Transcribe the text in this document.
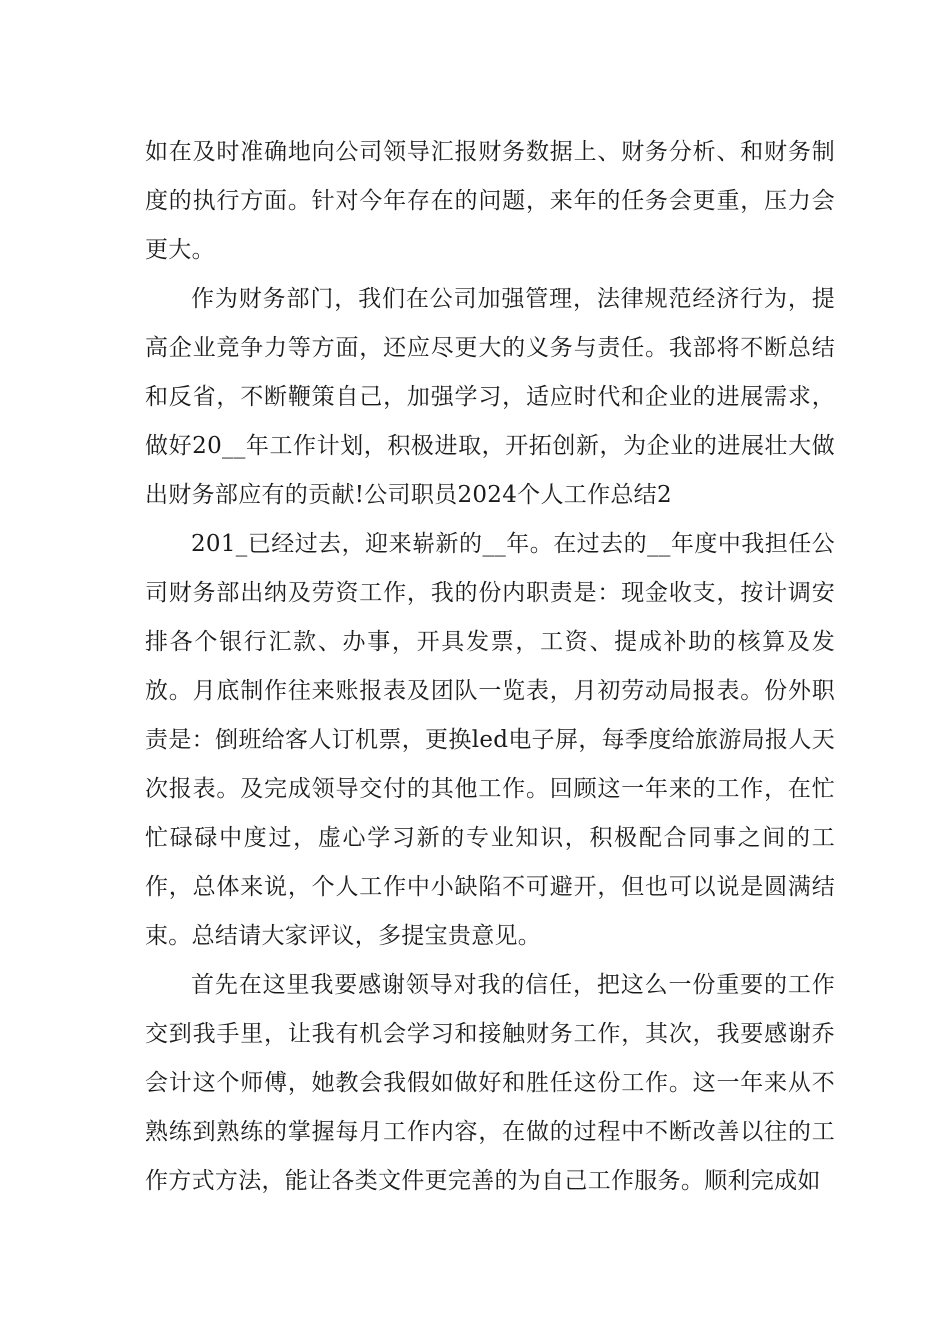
如在及时准确地向公司领导汇报财务数据上、财务分析、和财务制度的执行方面。针对今年存在的问题，来年的任务会更重，压力会更大。

作为财务部门，我们在公司加强管理，法律规范经济行为，提高企业竞争力等方面，还应尽更大的义务与责任。我部将不断总结和反省，不断鞭策自己，加强学习，适应时代和企业的进展需求，做好20__年工作计划，积极进取，开拓创新，为企业的进展壮大做出财务部应有的贡献!公司职员2024个人工作总结2

201_已经过去，迎来崭新的__年。在过去的__年度中我担任公司财务部出纳及劳资工作，我的份内职责是：现金收支，按计调安排各个银行汇款、办事，开具发票，工资、提成补助的核算及发放。月底制作往来账报表及团队一览表，月初劳动局报表。份外职责是：倒班给客人订机票，更换led电子屏，每季度给旅游局报人天次报表。及完成领导交付的其他工作。回顾这一年来的工作，在忙忙碌碌中度过，虚心学习新的专业知识，积极配合同事之间的工作，总体来说，个人工作中小缺陷不可避开，但也可以说是圆满结束。总结请大家评议，多提宝贵意见。

首先在这里我要感谢领导对我的信任，把这么一份重要的工作交到我手里，让我有机会学习和接触财务工作，其次，我要感谢乔会计这个师傅，她教会我假如做好和胜任这份工作。这一年来从不熟练到熟练的掌握每月工作内容，在做的过程中不断改善以往的工作方式方法，能让各类文件更完善的为自己工作服务。顺利完成如
